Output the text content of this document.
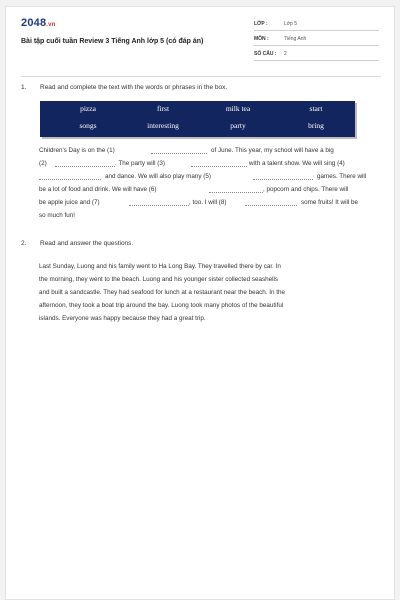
2048.vn
Bài tập cuối tuần Review 3 Tiếng Anh lớp 5 (có đáp án)
LỚP :	Lớp 5
MÔN :	Tiếng Anh
SỐ CÂU : 2
1. Read and complete the text with the words or phrases in the box.
pizza	first	milk tea	start
songs	interesting	party	bring
Children's Day is on the (1)	of June. This year, my school will have a big
(2)	. The party will (3)	with a talent show. We will sing (4)
and dance. We will also play many (5)	games. There will
be a lot of food and drink. We will have (6)	, popcorn and chips. There will
be apple juice and (7)	, too. I will (8)	some fruits! It will be
so much fun!
2. Read and answer the questions.
Last Sunday, Luong and his family went to Ha Long Bay. They travelled there by car. In
the morning, they went to the beach. Luong and his younger sister collected seashells
and built a sandcastle. They had seafood for lunch at a restaurant near the beach. In the
afternoon, they took a boat trip around the bay. Luong took many photos of the beautiful
islands. Everyone was happy because they had a great trip.
